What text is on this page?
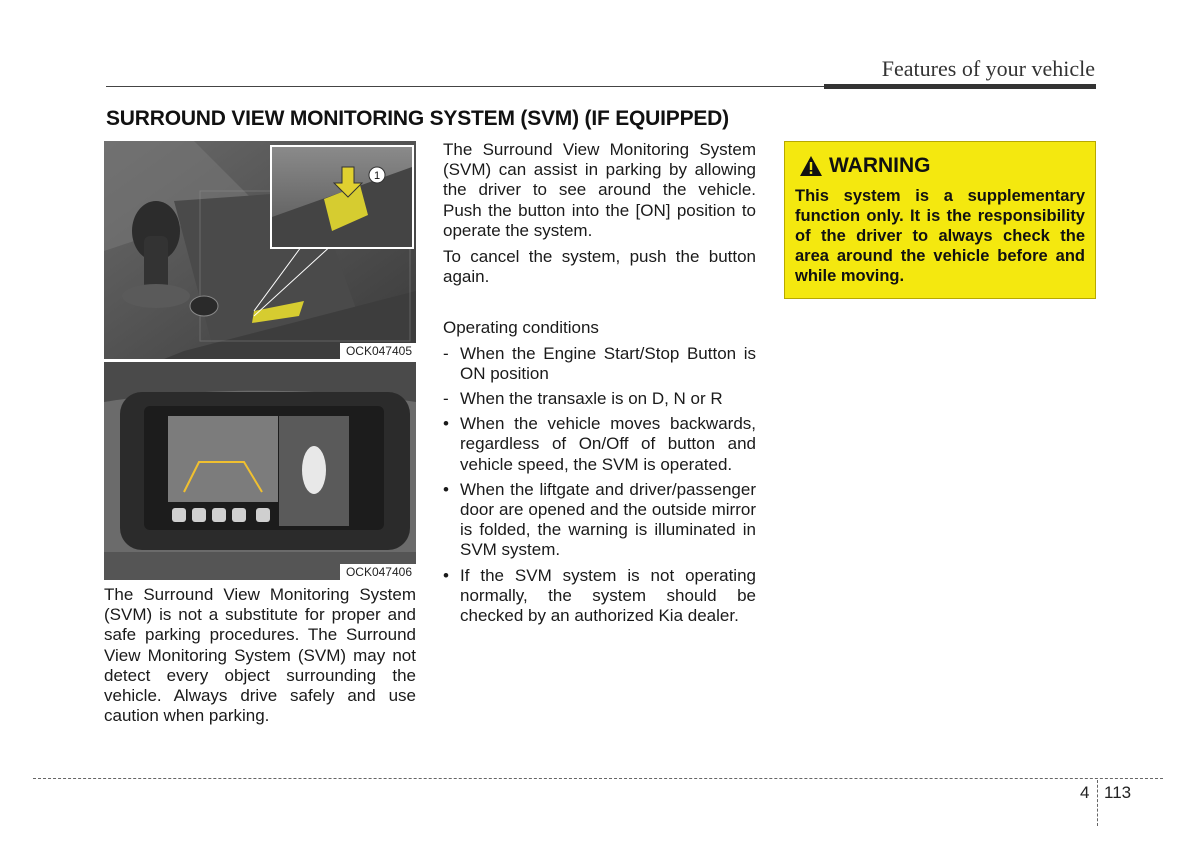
Features of your vehicle
SURROUND VIEW MONITORING SYSTEM (SVM) (IF EQUIPPED)
1
OCK047405
OCK047406

The Surround View Monitoring System (SVM) is not a substitute for proper and safe parking procedures. The Surround View Monitoring System (SVM) may not detect every object surrounding the vehicle. Always drive safely and use caution when parking.

The Surround View Monitoring System (SVM) can assist in parking by allowing the driver to see around the vehicle. Push the button into the [ON] position to operate the system.

To cancel the system, push the button again.

Operating conditions

- When the Engine Start/Stop Button is ON position
- When the transaxle is on D, N or R
• When the vehicle moves backwards, regardless of On/Off of button and vehicle speed, the SVM is operated.
• When the liftgate and driver/passenger door are opened and the outside mirror is folded, the warning is illuminated in SVM system.
• If the SVM system is not operating normally, the system should be checked by an authorized Kia dealer.
WARNING
This system is a supplementary function only. It is the responsibility of the driver to always check the area around the vehicle before and while moving.
4 113
